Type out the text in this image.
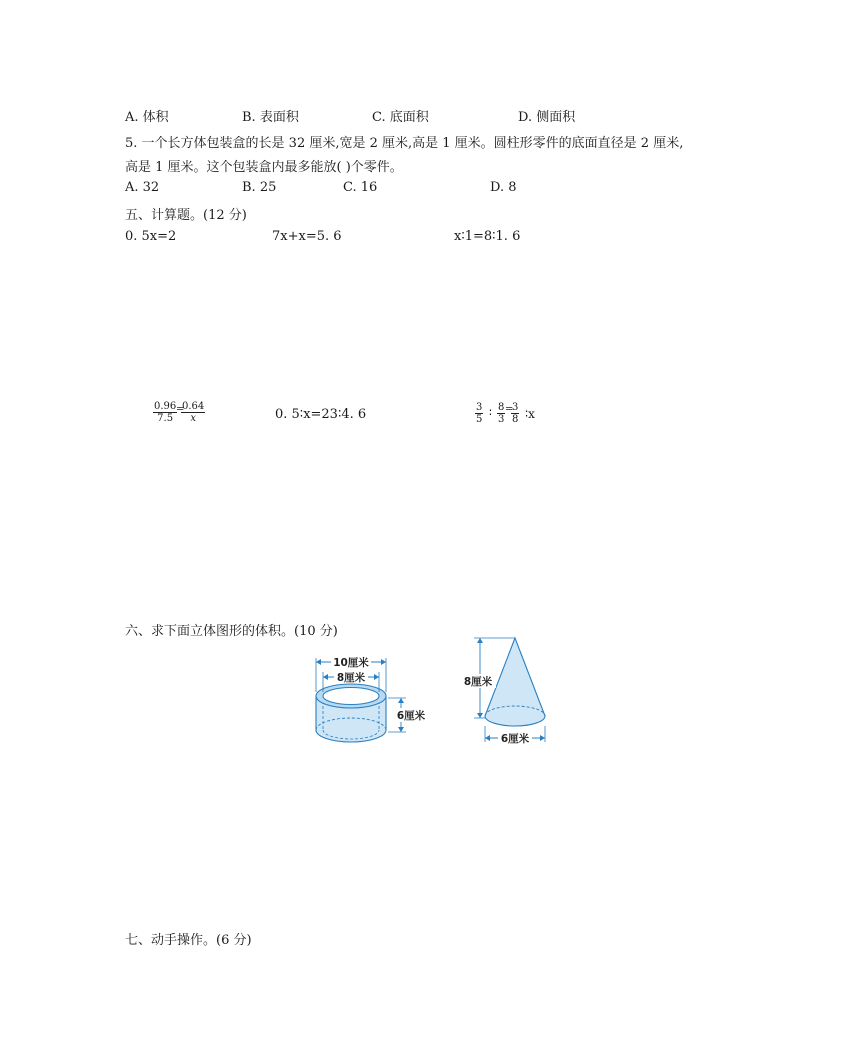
A. 体积	B. 表面积	C. 底面积	D. 侧面积
5. 一个长方体包装盒的长是 32 厘米,宽是 2 厘米,高是 1 厘米。圆柱形零件的底面直径是 2 厘米,
高是 1 厘米。这个包装盒内最多能放( )个零件。
A. 32	B. 25	C. 16	D. 8
五、计算题。(12 分)
0. 5x=2	7x+x=5. 6	x∶1=8∶1. 6
$\frac{0.96}{7.5}$
=
$\frac{0.64}{x}$	0. 5∶x=23∶4. 6	$\frac{3}{5}$ ∶ $\frac{8}{3}$ =
$\frac{3}{8}$ ∶x
六、求下面立体图形的体积。(10 分)
10厘米
8厘米
6厘米
8厘米
6厘米
七、动手操作。(6 分)
